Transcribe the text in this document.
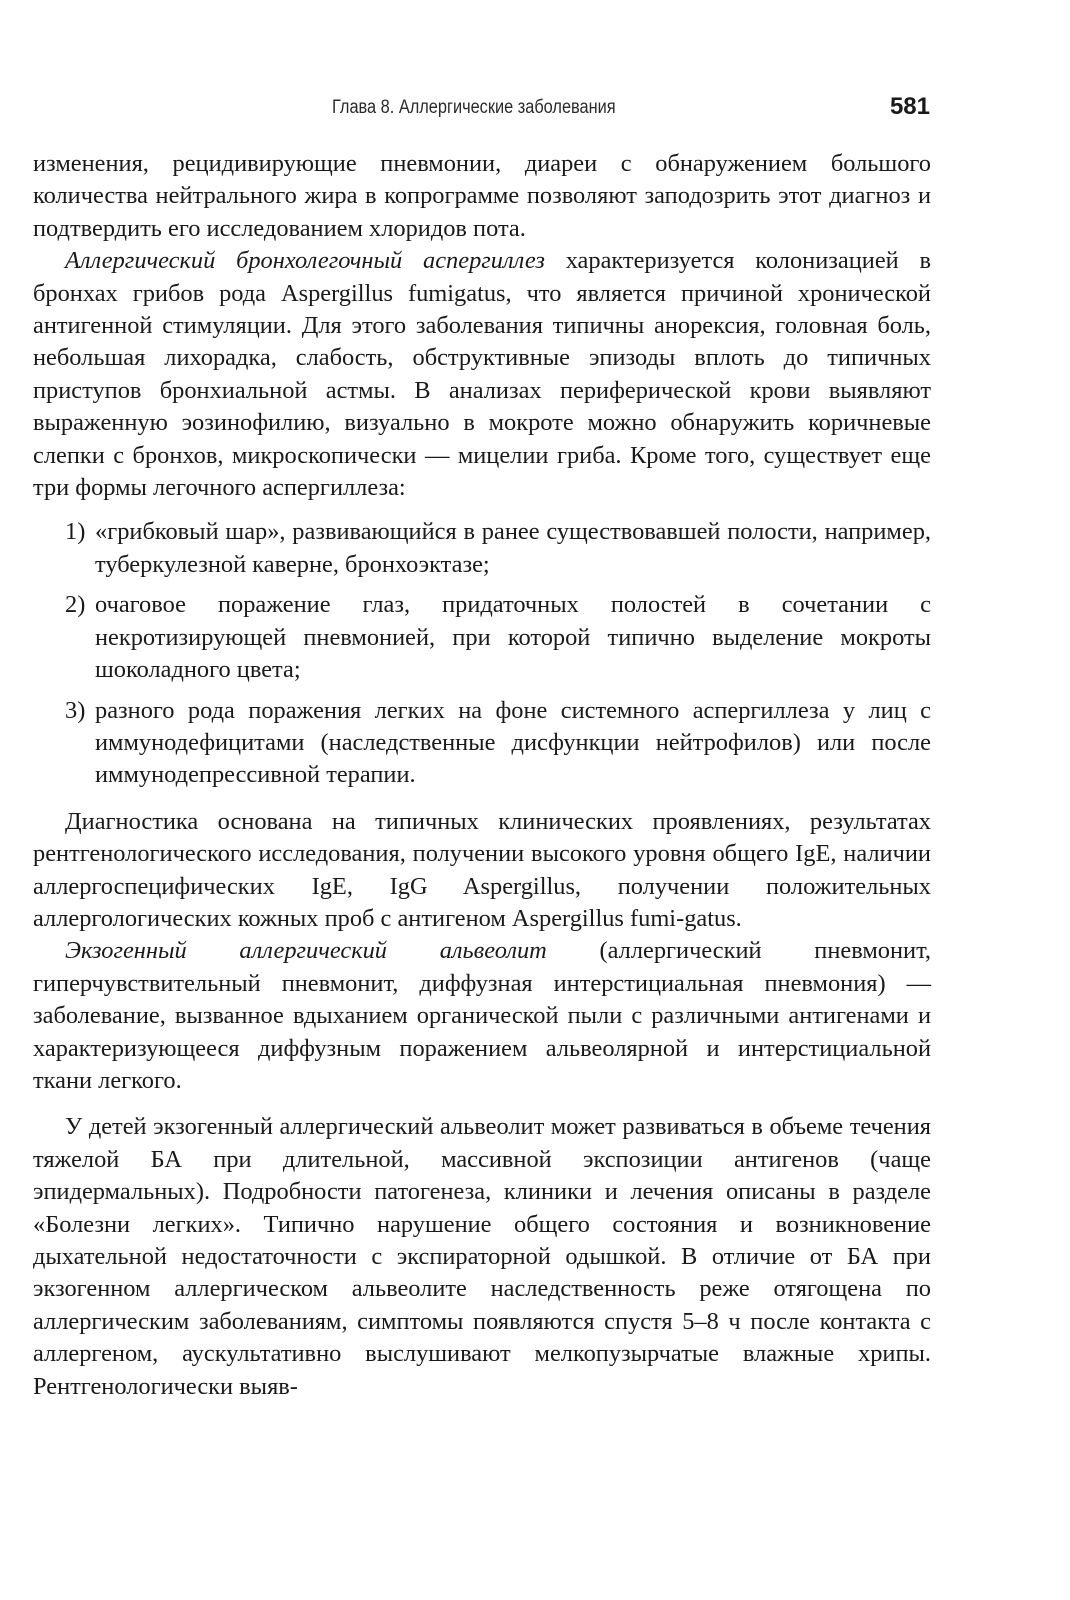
Глава 8. Аллергические заболевания	581

изменения, рецидивирующие пневмонии, диареи с обнаружением большого количества нейтрального жира в копрограмме позволяют заподозрить этот диагноз и подтвердить его исследованием хлоридов пота.

Аллергический бронхолегочный аспергиллез характеризуется колонизацией в бронхах грибов рода Aspergillus fumigatus, что является причиной хронической антигенной стимуляции. Для этого заболевания типичны анорексия, головная боль, небольшая лихорадка, слабость, обструктивные эпизоды вплоть до типичных приступов бронхиальной астмы. В анализах периферической крови выявляют выраженную эозинофилию, визуально в мокроте можно обнаружить коричневые слепки с бронхов, микроскопически — мицелии гриба. Кроме того, существует еще три формы легочного аспергиллеза:

1) «грибковый шар», развивающийся в ранее существовавшей полости, например, туберкулезной каверне, бронхоэктазе;
2) очаговое поражение глаз, придаточных полостей в сочетании с некротизирующей пневмонией, при которой типично выделение мокроты шоколадного цвета;
3) разного рода поражения легких на фоне системного аспергиллеза у лиц с иммунодефицитами (наследственные дисфункции нейтрофилов) или после иммунодепрессивной терапии.

Диагностика основана на типичных клинических проявлениях, результатах рентгенологического исследования, получении высокого уровня общего IgE, наличии аллергоспецифических IgE, IgG Aspergillus, получении положительных аллергологических кожных проб с антигеном Aspergillus fumi-gatus.

Экзогенный аллергический альвеолит (аллергический пневмонит, гиперчувствительный пневмонит, диффузная интерстициальная пневмония) — заболевание, вызванное вдыханием органической пыли с различными антигенами и характеризующееся диффузным поражением альвеолярной и интерстициальной ткани легкого.

У детей экзогенный аллергический альвеолит может развиваться в объеме течения тяжелой БА при длительной, массивной экспозиции антигенов (чаще эпидермальных). Подробности патогенеза, клиники и лечения описаны в разделе «Болезни легких». Типично нарушение общего состояния и возникновение дыхательной недостаточности с экспираторной одышкой. В отличие от БА при экзогенном аллергическом альвеолите наследственность реже отягощена по аллергическим заболеваниям, симптомы появляются спустя 5–8 ч после контакта с аллергеном, аускультативно выслушивают мелкопузырчатые влажные хрипы. Рентгенологически выяв-
